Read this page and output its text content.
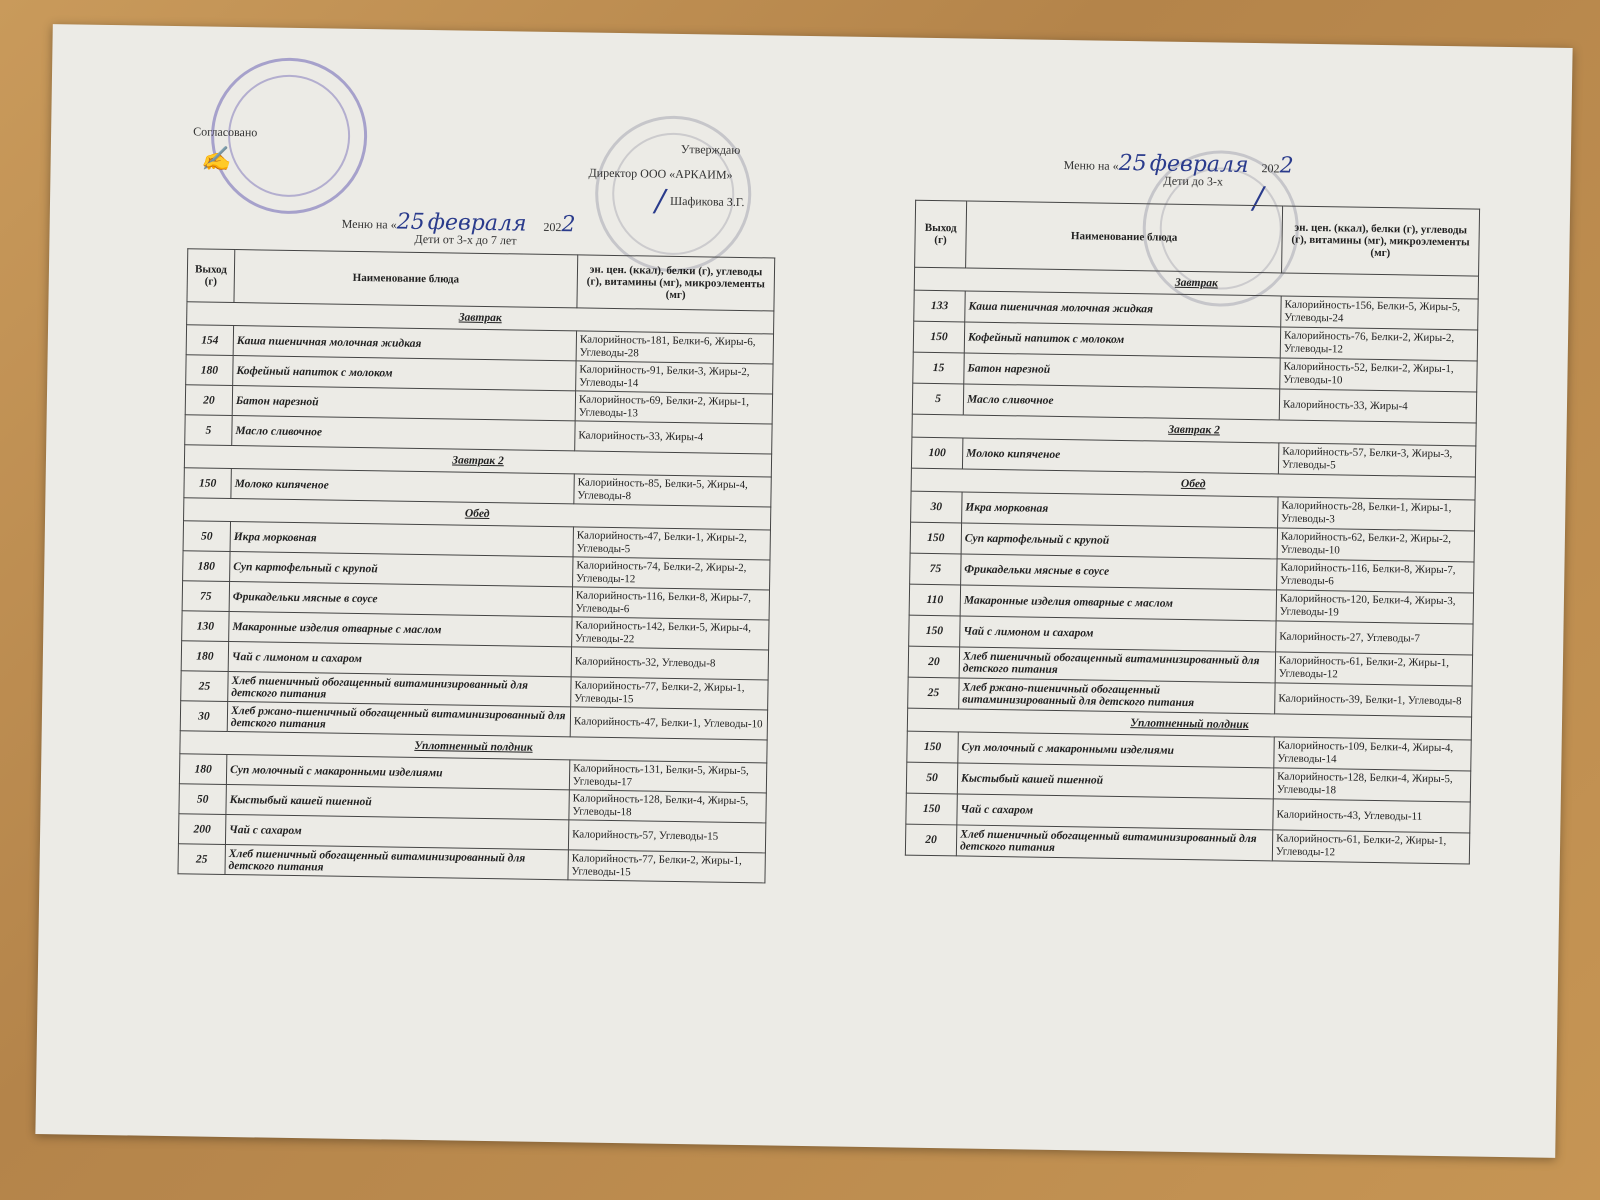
Согласовано
✍	Утверждаю
Директор ООО «АРКАИМ»
Шафикова З.Г.
/
Меню на «25 февраля 2022
Дети от 3-х до 7 лет
Выход (г)	Наименование блюда	эн. цен. (ккал), белки (г), углеводы (г), витамины (мг), микроэлементы (мг)
Завтрак		
154	Каша пшеничная молочная жидкая	Калорийность-181, Белки-6, Жиры-6, Углеводы-28
180	Кофейный напиток с молоком	Калорийность-91, Белки-3, Жиры-2, Углеводы-14
20	Батон нарезной	Калорийность-69, Белки-2, Жиры-1, Углеводы-13
5	Масло сливочное	Калорийность-33, Жиры-4
Завтрак 2		
150	Молоко кипяченое	Калорийность-85, Белки-5, Жиры-4, Углеводы-8
Обед		
50	Икра морковная	Калорийность-47, Белки-1, Жиры-2, Углеводы-5
180	Суп картофельный с крупой	Калорийность-74, Белки-2, Жиры-2, Углеводы-12
75	Фрикадельки мясные в соусе	Калорийность-116, Белки-8, Жиры-7, Углеводы-6
130	Макаронные изделия отварные с маслом	Калорийность-142, Белки-5, Жиры-4, Углеводы-22
180	Чай с лимоном и сахаром	Калорийность-32, Углеводы-8
25	Хлеб пшеничный обогащенный витаминизированный для детского питания	Калорийность-77, Белки-2, Жиры-1, Углеводы-15
30	Хлеб ржано-пшеничный обогащенный витаминизированный для детского питания	Калорийность-47, Белки-1, Углеводы-10
Уплотненный полдник		
180	Суп молочный с макаронными изделиями	Калорийность-131, Белки-5, Жиры-5, Углеводы-17
50	Кыстыбый кашей пшенной	Калорийность-128, Белки-4, Жиры-5, Углеводы-18
200	Чай с сахаром	Калорийность-57, Углеводы-15
25	Хлеб пшеничный обогащенный витаминизированный для детского питания	Калорийность-77, Белки-2, Жиры-1, Углеводы-15
Меню на «25 февраля 2022
Дети до 3-х /
Выход (г)	Наименование блюда	эн. цен. (ккал), белки (г), углеводы (г), витамины (мг), микроэлементы (мг)
Завтрак		
133	Каша пшеничная молочная жидкая	Калорийность-156, Белки-5, Жиры-5, Углеводы-24
150	Кофейный напиток с молоком	Калорийность-76, Белки-2, Жиры-2, Углеводы-12
15	Батон нарезной	Калорийность-52, Белки-2, Жиры-1, Углеводы-10
5	Масло сливочное	Калорийность-33, Жиры-4
Завтрак 2		
100	Молоко кипяченое	Калорийность-57, Белки-3, Жиры-3, Углеводы-5
Обед		
30	Икра морковная	Калорийность-28, Белки-1, Жиры-1, Углеводы-3
150	Суп картофельный с крупой	Калорийность-62, Белки-2, Жиры-2, Углеводы-10
75	Фрикадельки мясные в соусе	Калорийность-116, Белки-8, Жиры-7, Углеводы-6
110	Макаронные изделия отварные с маслом	Калорийность-120, Белки-4, Жиры-3, Углеводы-19
150	Чай с лимоном и сахаром	Калорийность-27, Углеводы-7
20	Хлеб пшеничный обогащенный витаминизированный для детского питания	Калорийность-61, Белки-2, Жиры-1, Углеводы-12
25	Хлеб ржано-пшеничный обогащенный витаминизированный для детского питания	Калорийность-39, Белки-1, Углеводы-8
Уплотненный полдник		
150	Суп молочный с макаронными изделиями	Калорийность-109, Белки-4, Жиры-4, Углеводы-14
50	Кыстыбый кашей пшенной	Калорийность-128, Белки-4, Жиры-5, Углеводы-18
150	Чай с сахаром	Калорийность-43, Углеводы-11
20	Хлеб пшеничный обогащенный витаминизированный для детского питания	Калорийность-61, Белки-2, Жиры-1, Углеводы-12
